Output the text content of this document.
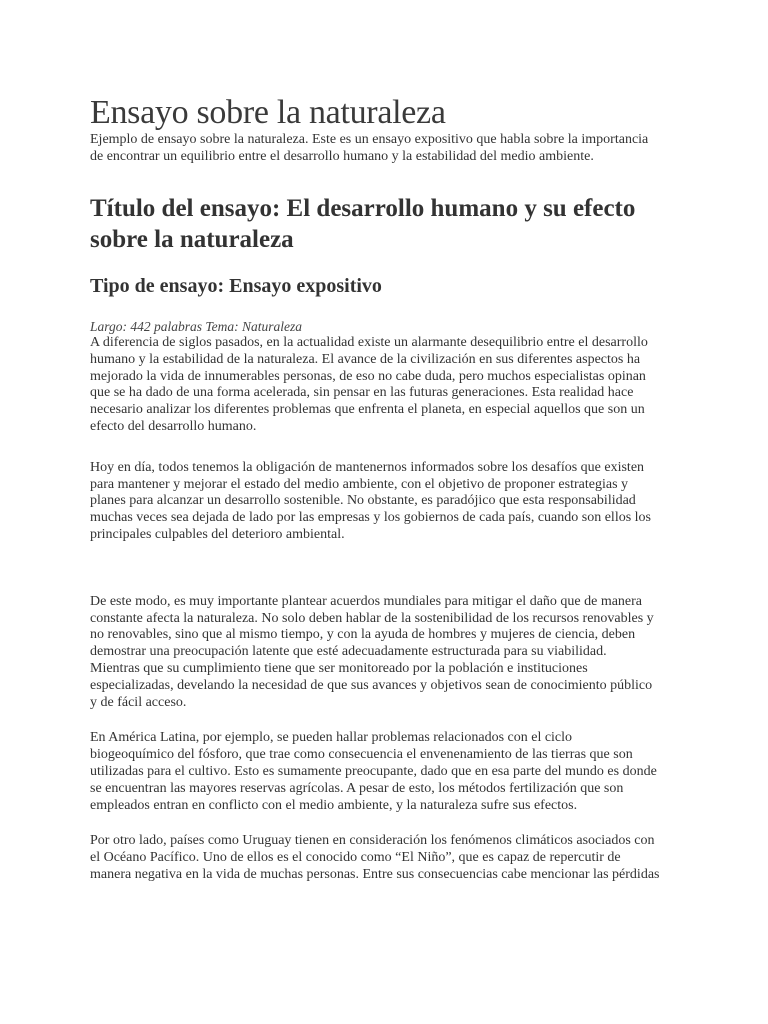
Ensayo sobre la naturaleza

Ejemplo de ensayo sobre la naturaleza. Este es un ensayo expositivo que habla sobre la importancia
de encontrar un equilibrio entre el desarrollo humano y la estabilidad del medio ambiente.

Título del ensayo: El desarrollo humano y su efecto sobre la naturaleza
Tipo de ensayo: Ensayo expositivo

Largo: 442 palabras Tema: Naturaleza

A diferencia de siglos pasados, en la actualidad existe un alarmante desequilibrio entre el desarrollo
humano y la estabilidad de la naturaleza. El avance de la civilización en sus diferentes aspectos ha
mejorado la vida de innumerables personas, de eso no cabe duda, pero muchos especialistas opinan
que se ha dado de una forma acelerada, sin pensar en las futuras generaciones. Esta realidad hace
necesario analizar los diferentes problemas que enfrenta el planeta, en especial aquellos que son un
efecto del desarrollo humano.

Hoy en día, todos tenemos la obligación de mantenernos informados sobre los desafíos que existen
para mantener y mejorar el estado del medio ambiente, con el objetivo de proponer estrategias y
planes para alcanzar un desarrollo sostenible. No obstante, es paradójico que esta responsabilidad
muchas veces sea dejada de lado por las empresas y los gobiernos de cada país, cuando son ellos los
principales culpables del deterioro ambiental.

De este modo, es muy importante plantear acuerdos mundiales para mitigar el daño que de manera
constante afecta la naturaleza. No solo deben hablar de la sostenibilidad de los recursos renovables y
no renovables, sino que al mismo tiempo, y con la ayuda de hombres y mujeres de ciencia, deben
demostrar una preocupación latente que esté adecuadamente estructurada para su viabilidad.
Mientras que su cumplimiento tiene que ser monitoreado por la población e instituciones
especializadas, develando la necesidad de que sus avances y objetivos sean de conocimiento público
y de fácil acceso.

En América Latina, por ejemplo, se pueden hallar problemas relacionados con el ciclo
biogeoquímico del fósforo, que trae como consecuencia el envenenamiento de las tierras que son
utilizadas para el cultivo. Esto es sumamente preocupante, dado que en esa parte del mundo es donde
se encuentran las mayores reservas agrícolas. A pesar de esto, los métodos fertilización que son
empleados entran en conflicto con el medio ambiente, y la naturaleza sufre sus efectos.

Por otro lado, países como Uruguay tienen en consideración los fenómenos climáticos asociados con
el Océano Pacífico. Uno de ellos es el conocido como “El Niño”, que es capaz de repercutir de
manera negativa en la vida de muchas personas. Entre sus consecuencias cabe mencionar las pérdidas
